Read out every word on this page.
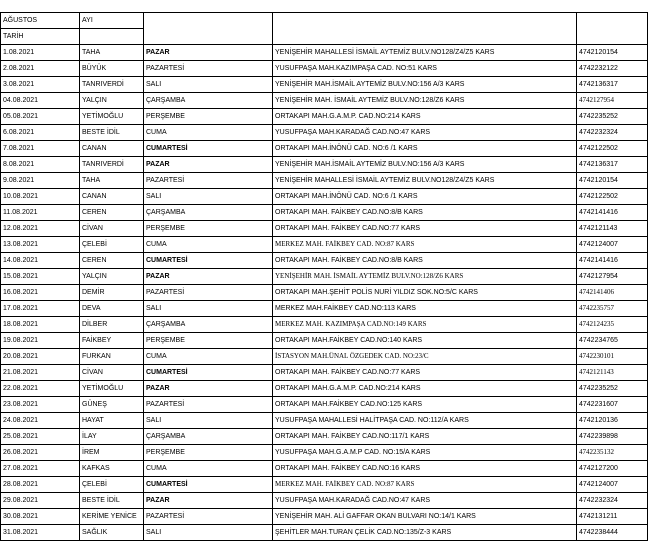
AĞUSTOS	AYI			
TARİH				
1.08.2021	TAHA	PAZAR	YENİŞEHİR MAHALLESİ İSMAİL AYTEMİZ BULV.NO128/Z4/Z5 KARS	4742120154
2.08.2021	BÜYÜK	PAZARTESİ	YUSUFPAŞA MAH.KAZIMPAŞA CAD. NO:51 KARS	4742232122
3.08.2021	TANRIVERDİ	SALI	YENİŞEHİR MAH.İSMAİL AYTEMİZ BULV.NO:156 A/3 KARS	4742136317
04.08.2021	YALÇIN	ÇARŞAMBA	YENİŞEHİR MAH. İSMAİL AYTEMİZ BULV.NO:128/Z6 KARS	4742127954
05.08.2021	YETİMOĞLU	PERŞEMBE	ORTAKAPI MAH.G.A.M.P. CAD.NO:214 KARS	4742235252
6.08.2021	BESTE İDİL	CUMA	YUSUFPAŞA MAH.KARADAĞ CAD.NO:47 KARS	4742232324
7.08.2021	CANAN	CUMARTESİ	ORTAKAPI MAH.İNÖNÜ CAD. NO:6 /1 KARS	4742122502
8.08.2021	TANRIVERDİ	PAZAR	YENİŞEHİR MAH.İSMAİL AYTEMİZ BULV.NO:156 A/3 KARS	4742136317
9.08.2021	TAHA	PAZARTESİ	YENİŞEHİR MAHALLESİ İSMAİL AYTEMİZ BULV.NO128/Z4/Z5 KARS	4742120154
10.08.2021	CANAN	SALI	ORTAKAPI MAH.İNÖNÜ CAD. NO:6 /1 KARS	4742122502
11.08.2021	CEREN	ÇARŞAMBA	ORTAKAPI MAH. FAİKBEY CAD.NO:8/B KARS	4742141416
12.08.2021	CİVAN	PERŞEMBE	ORTAKAPI MAH. FAİKBEY CAD.NO:77 KARS	4742121143
13.08.2021	ÇELEBİ	CUMA	MERKEZ MAH. FAİKBEY CAD. NO:87 KARS	4742124007
14.08.2021	CEREN	CUMARTESİ	ORTAKAPI MAH. FAİKBEY CAD.NO:8/B KARS	4742141416
15.08.2021	YALÇIN	PAZAR	YENİŞEHİR MAH. İSMAİL AYTEMİZ BULV.NO:128/Z6 KARS	4742127954
16.08.2021	DEMİR	PAZARTESİ	ORTAKAPI MAH.ŞEHİT POLİS NURİ YILDIZ SOK.NO:5/C KARS	4742141406
17.08.2021	DEVA	SALI	MERKEZ MAH.FAİKBEY CAD.NO:113 KARS	4742235757
18.08.2021	DİLBER	ÇARŞAMBA	MERKEZ MAH. KAZIMPAŞA CAD.NO:149 KARS	4742124235
19.08.2021	FAİKBEY	PERŞEMBE	ORTAKAPI MAH.FAİKBEY CAD.NO:140 KARS	4742234765
20.08.2021	FURKAN	CUMA	İSTASYON MAH.ÜNAL ÖZGEDEK CAD. NO:23/C	4742230101
21.08.2021	CİVAN	CUMARTESİ	ORTAKAPI MAH. FAİKBEY CAD.NO:77 KARS	4742121143
22.08.2021	YETİMOĞLU	PAZAR	ORTAKAPI MAH.G.A.M.P. CAD.NO:214 KARS	4742235252
23.08.2021	GÜNEŞ	PAZARTESİ	ORTAKAPI MAH.FAİKBEY CAD.NO:125 KARS	4742231607
24.08.2021	HAYAT	SALI	YUSUFPAŞA MAHALLESİ HALİTPAŞA CAD. NO:112/A KARS	4742120136
25.08.2021	İLAY	ÇARŞAMBA	ORTAKAPI MAH. FAİKBEY CAD.NO:117/1 KARS	4742239898
26.08.2021	İREM	PERŞEMBE	YUSUFPAŞA MAH.G.A.M.P CAD. NO:15/A KARS	4742235132
27.08.2021	KAFKAS	CUMA	ORTAKAPI MAH. FAİKBEY CAD.NO:16 KARS	4742127200
28.08.2021	ÇELEBİ	CUMARTESİ	MERKEZ MAH. FAİKBEY CAD. NO:87 KARS	4742124007
29.08.2021	BESTE İDİL	PAZAR	YUSUFPAŞA MAH.KARADAĞ CAD.NO:47 KARS	4742232324
30.08.2021	KERİME YENİCE	PAZARTESİ	YENİŞEHİR MAH. ALİ GAFFAR OKAN BULVARI NO:14/1 KARS	4742131211
31.08.2021	SAĞLIK	SALI	ŞEHİTLER MAH.TURAN ÇELİK CAD.NO:135/Z-3 KARS	4742238444
